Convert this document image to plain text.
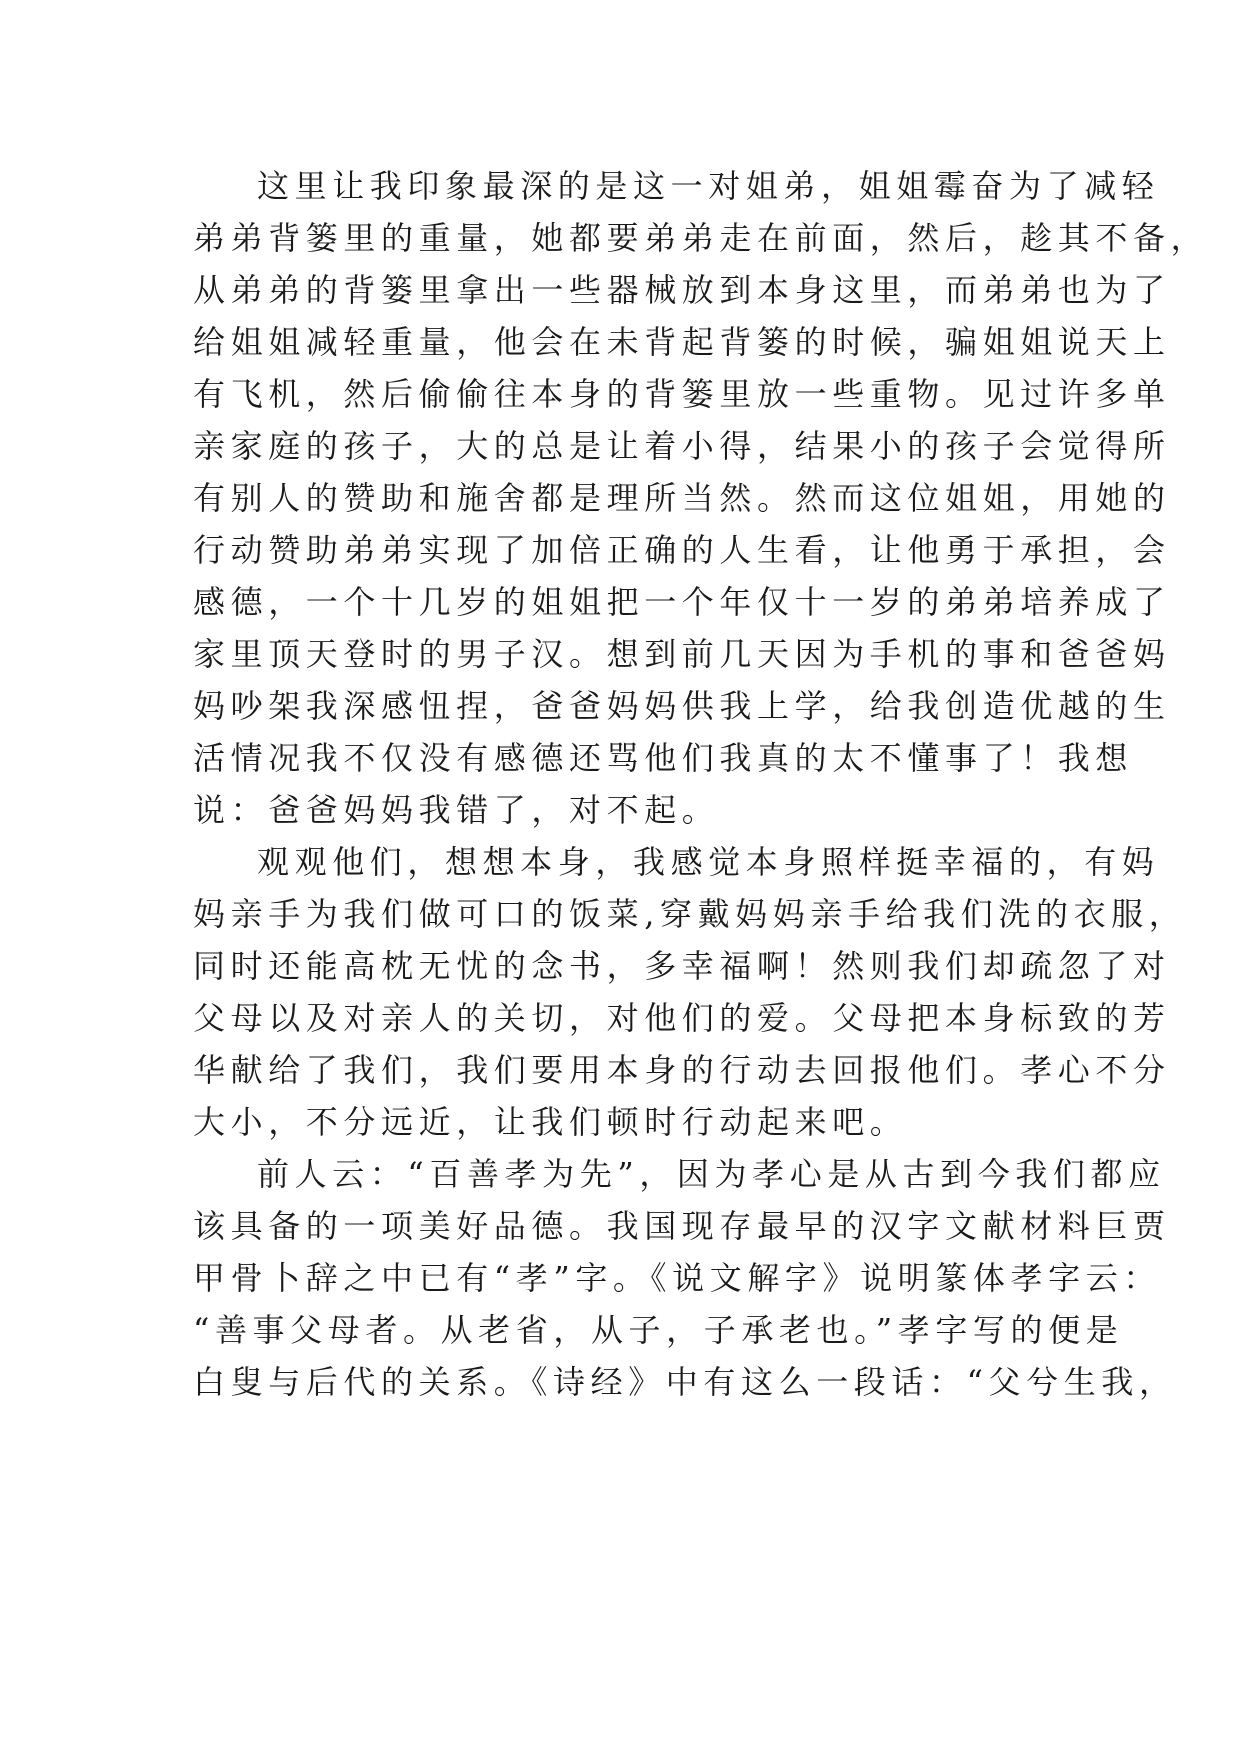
这里让我印象最深的是这一对姐弟，姐姐霉奋为了减轻
弟弟背篓里的重量，她都要弟弟走在前面，然后，趁其不备，
从弟弟的背篓里拿出一些器械放到本身这里，而弟弟也为了
给姐姐减轻重量，他会在未背起背篓的时候，骗姐姐说天上
有飞机，然后偷偷往本身的背篓里放一些重物。见过许多单
亲家庭的孩子，大的总是让着小得，结果小的孩子会觉得所
有别人的赞助和施舍都是理所当然。然而这位姐姐，用她的
行动赞助弟弟实现了加倍正确的人生看，让他勇于承担，会
感德，一个十几岁的姐姐把一个年仅十一岁的弟弟培养成了
家里顶天登时的男子汉。想到前几天因为手机的事和爸爸妈
妈吵架我深感忸捏，爸爸妈妈供我上学，给我创造优越的生
活情况我不仅没有感德还骂他们我真的太不懂事了！我想
说：爸爸妈妈我错了，对不起。
观观他们，想想本身，我感觉本身照样挺幸福的，有妈
妈亲手为我们做可口的饭菜,穿戴妈妈亲手给我们洗的衣服，
同时还能高枕无忧的念书，多幸福啊！然则我们却疏忽了对
父母以及对亲人的关切，对他们的爱。父母把本身标致的芳
华献给了我们，我们要用本身的行动去回报他们。孝心不分
大小，不分远近，让我们顿时行动起来吧。
前人云：“百善孝为先”，因为孝心是从古到今我们都应
该具备的一项美好品德。我国现存最早的汉字文献材料巨贾
甲骨卜辞之中已有“孝”字。《说文解字》说明篆体孝字云：
“善事父母者。从老省，从子，子承老也。”孝字写的便是
白叟与后代的关系。《诗经》中有这么一段话：“父兮生我，
